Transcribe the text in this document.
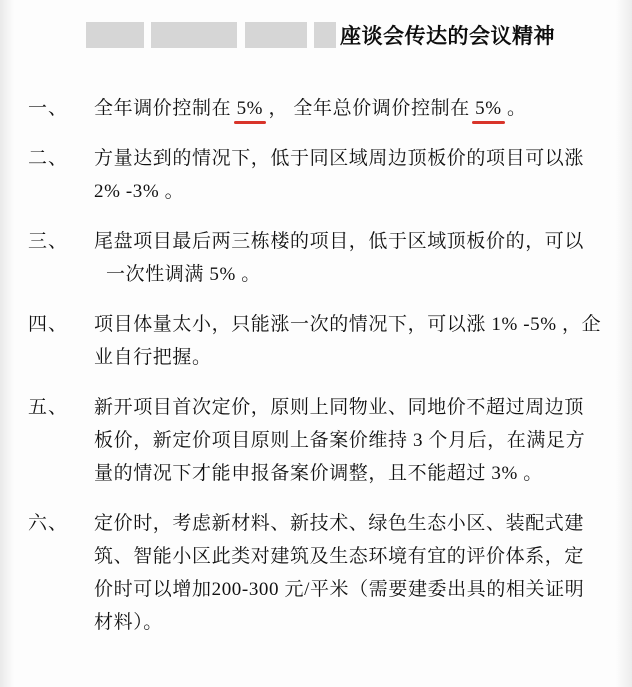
座谈会传达的会议精神
一、	全年调价控制在 5% ， 全年总价调价控制在 5% 。
二、	方量达到的情况下，低于同区域周边顶板价的项目可以涨
2% -3% 。
三、	尾盘项目最后两三栋楼的项目，低于区域顶板价的，可以
一次性调满 5% 。
四、	项目体量太小，只能涨一次的情况下，可以涨 1% -5% ，企
业自行把握。
五、	新开项目首次定价，原则上同物业、同地价不超过周边顶
板价，新定价项目原则上备案价维持 3 个月后，在满足方
量的情况下才能申报备案价调整，且不能超过 3% 。
六、	定价时，考虑新材料、新技术、绿色生态小区、装配式建
筑、智能小区此类对建筑及生态环境有宜的评价体系，定
价时可以增加200-300 元/平米（需要建委出具的相关证明
材料）。
